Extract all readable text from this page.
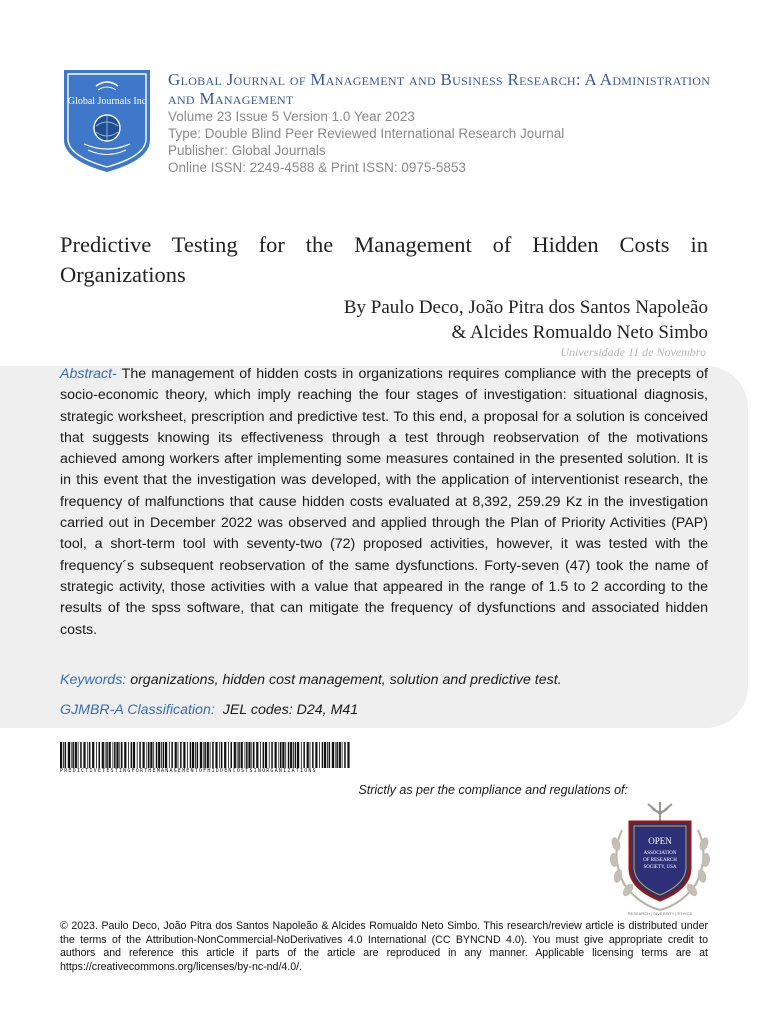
Global Journals Inc
Global Journal of Management and Business Research: A Administration and Management
Volume 23 Issue 5 Version 1.0 Year 2023
Type: Double Blind Peer Reviewed International Research Journal
Publisher: Global Journals
Online ISSN: 2249-4588 & Print ISSN: 0975-5853
Predictive Testing for the Management of Hidden Costs in Organizations
By Paulo Deco, João Pitra dos Santos Napoleão
& Alcides Romualdo Neto Simbo
Universidade 11 de Novembro
Abstract- The management of hidden costs in organizations requires compliance with the precepts of socio-economic theory, which imply reaching the four stages of investigation: situational diagnosis, strategic worksheet, prescription and predictive test. To this end, a proposal for a solution is conceived that suggests knowing its effectiveness through a test through reobservation of the motivations achieved among workers after implementing some measures contained in the presented solution. It is in this event that the investigation was developed, with the application of interventionist research, the frequency of malfunctions that cause hidden costs evaluated at 8,392, 259.29 Kz in the investigation carried out in December 2022 was observed and applied through the Plan of Priority Activities (PAP) tool, a short-term tool with seventy-two (72) proposed activities, however, it was tested with the frequency´s subsequent reobservation of the same dysfunctions. Forty-seven (47) took the name of strategic activity, those activities with a value that appeared in the range of 1.5 to 2 according to the results of the spss software, that can mitigate the frequency of dysfunctions and associated hidden costs.
Keywords: organizations, hidden cost management, solution and predictive test.
GJMBR-A Classification: JEL codes: D24, M41
PREDICTIVETESTINGFORTHEMANAGEMENTOFHIDDENCOSTSINORGANIZATIONS
Strictly as per the compliance and regulations of:
OPEN
ASSOCIATION
OF RESEARCH
SOCIETY, USA
RESEARCH | DIVERSITY | ETHICS
© 2023. Paulo Deco, João Pitra dos Santos Napoleão & Alcides Romualdo Neto Simbo. This research/review article is distributed under the terms of the Attribution-NonCommercial-NoDerivatives 4.0 International (CC BYNCND 4.0). You must give appropriate credit to authors and reference this article if parts of the article are reproduced in any manner. Applicable licensing terms are at https://creativecommons.org/licenses/by-nc-nd/4.0/.
